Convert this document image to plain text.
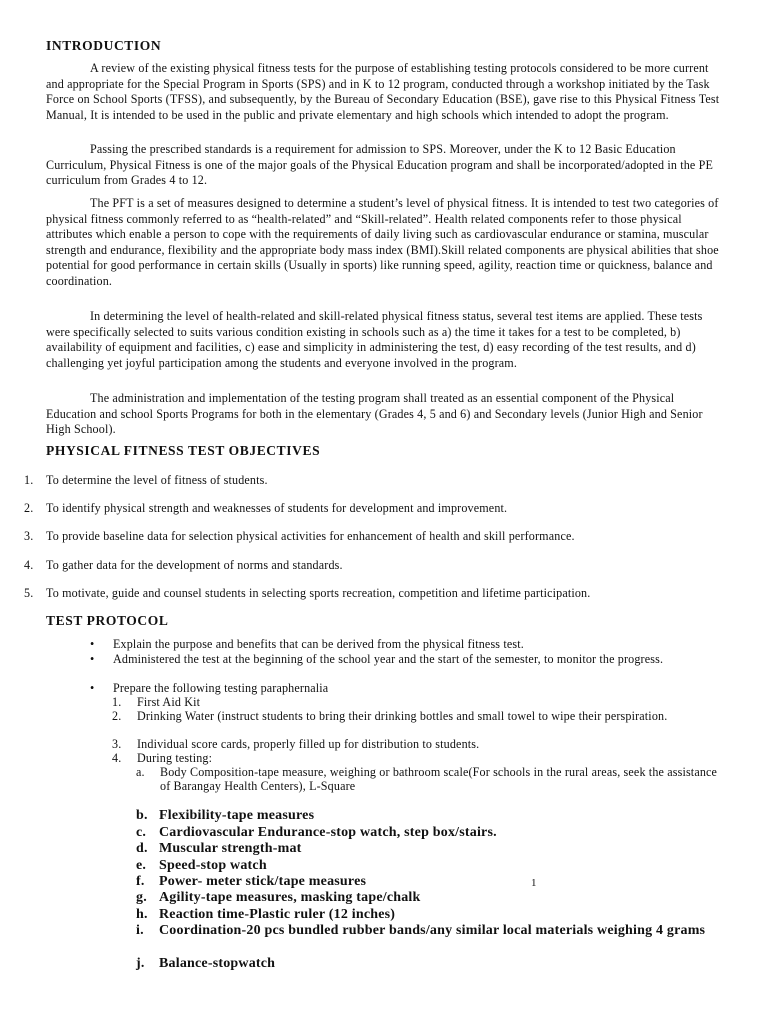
INTRODUCTION

A review of the existing physical fitness tests for the purpose of establishing testing protocols considered to be more current and appropriate for the Special Program in Sports (SPS) and in K to 12 program, conducted through a workshop initiated by the Task Force on School Sports (TFSS), and subsequently, by the Bureau of Secondary Education (BSE), gave rise to this Physical Fitness Test Manual, It is intended to be used in the public and private elementary and high schools which intended to adopt the program.

Passing the prescribed standards is a requirement for admission to SPS. Moreover, under the K to 12 Basic Education Curriculum, Physical Fitness is one of the major goals of the Physical Education program and shall be incorporated/adopted in the PE curriculum from Grades 4 to 12.

The PFT is a set of measures designed to determine a student’s level of physical fitness. It is intended to test two categories of physical fitness commonly referred to as “health-related” and “Skill-related”. Health related components refer to those physical attributes which enable a person to cope with the requirements of daily living such as cardiovascular endurance or stamina, muscular strength and endurance, flexibility and the appropriate body mass index (BMI).Skill related components are physical abilities that shoe potential for good performance in certain skills (Usually in sports) like running speed, agility, reaction time or quickness, balance and coordination.

In determining the level of health-related and skill-related physical fitness status, several test items are applied. These tests were specifically selected to suits various condition existing in schools such as a) the time it takes for a test to be completed, b) availability of equipment and facilities, c) ease and simplicity in administering the test, d) easy recording of the test results, and d) challenging yet joyful participation among the students and everyone involved in the program.

The administration and implementation of the testing program shall treated as an essential component of the Physical Education and school Sports Programs for both in the elementary (Grades 4, 5 and 6) and Secondary levels (Junior High and Senior High School).

PHYSICAL FITNESS TEST OBJECTIVES
1. To determine the level of fitness of students.
2. To identify physical strength and weaknesses of students for development and improvement.
3. To provide baseline data for selection physical activities for enhancement of health and skill performance.
4. To gather data for the development of norms and standards.
5. To motivate, guide and counsel students in selecting sports recreation, competition and lifetime participation.
TEST PROTOCOL
• Explain the purpose and benefits that can be derived from the physical fitness test.
• Administered the test at the beginning of the school year and the start of the semester, to monitor the progress.
• Prepare the following testing paraphernalia
1. First Aid Kit
2. Drinking Water (instruct students to bring their drinking bottles and small towel to wipe their perspiration.
3. Individual score cards, properly filled up for distribution to students.
4. During testing:
a. Body Composition-tape measure, weighing or bathroom scale(For schools in the rural areas, seek the assistance of Barangay Health Centers), L-Square
b. Flexibility-tape measures
c. Cardiovascular Endurance-stop watch, step box/stairs.
d. Muscular strength-mat
e. Speed-stop watch
f. Power- meter stick/tape measures
g. Agility-tape measures, masking tape/chalk
h. Reaction time-Plastic ruler (12 inches)
i. Coordination-20 pcs bundled rubber bands/any similar local materials weighing 4 grams
j. Balance-stopwatch
1
